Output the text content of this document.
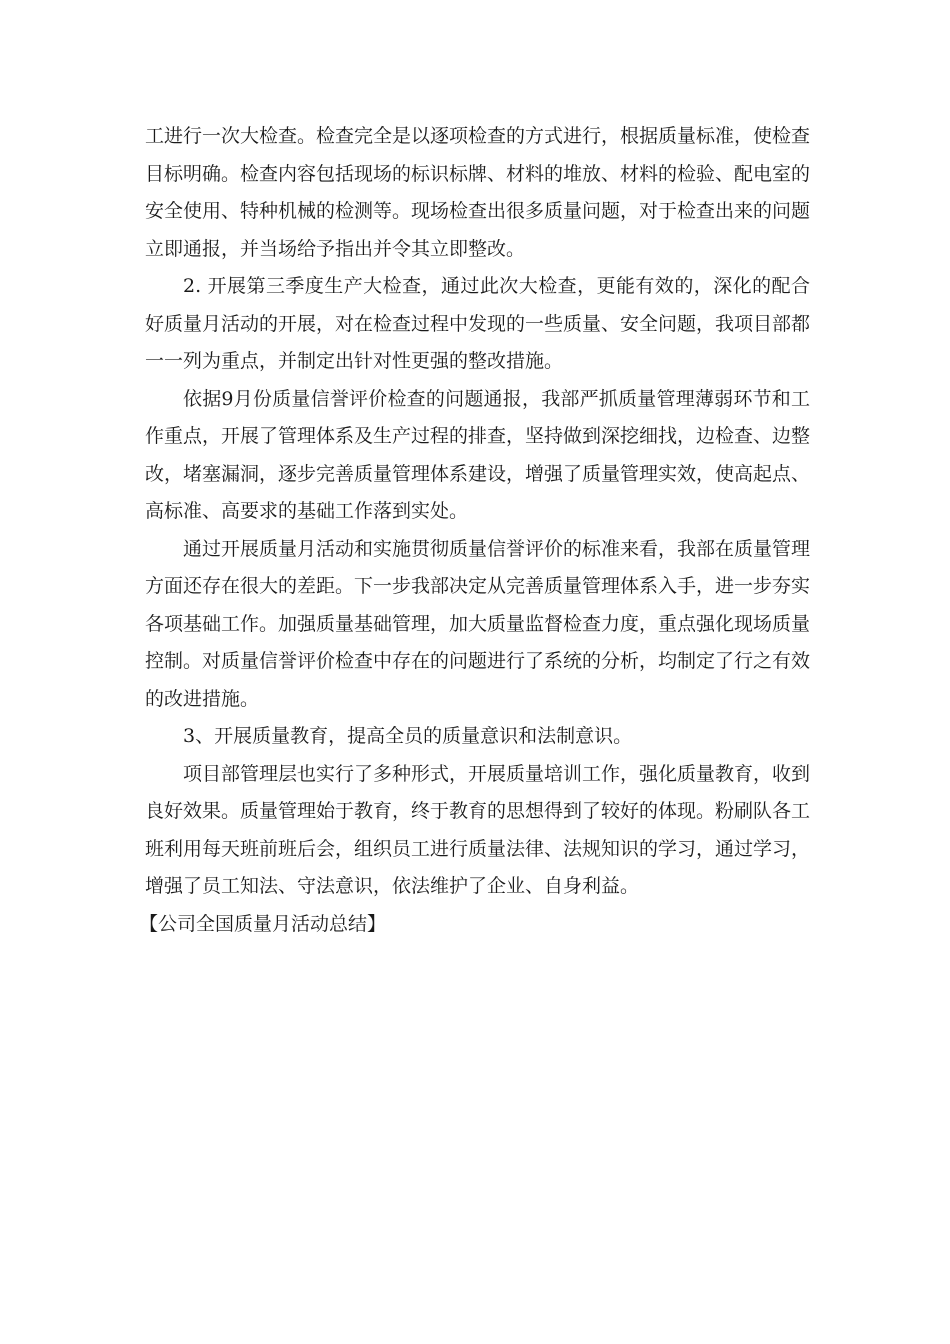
工进行一次大检查。检查完全是以逐项检查的方式进行，根据质量标准，使检查目标明确。检查内容包括现场的标识标牌、材料的堆放、材料的检验、配电室的安全使用、特种机械的检测等。现场检查出很多质量问题，对于检查出来的问题立即通报，并当场给予指出并令其立即整改。

2. 开展第三季度生产大检查，通过此次大检查，更能有效的，深化的配合好质量月活动的开展，对在检查过程中发现的一些质量、安全问题，我项目部都一一列为重点，并制定出针对性更强的整改措施。

依据9月份质量信誉评价检查的问题通报，我部严抓质量管理薄弱环节和工作重点，开展了管理体系及生产过程的排查，坚持做到深挖细找，边检查、边整改，堵塞漏洞，逐步完善质量管理体系建设，增强了质量管理实效，使高起点、高标准、高要求的基础工作落到实处。

通过开展质量月活动和实施贯彻质量信誉评价的标准来看，我部在质量管理方面还存在很大的差距。下一步我部决定从完善质量管理体系入手，进一步夯实各项基础工作。加强质量基础管理，加大质量监督检查力度，重点强化现场质量控制。对质量信誉评价检查中存在的问题进行了系统的分析，均制定了行之有效的改进措施。

3、开展质量教育，提高全员的质量意识和法制意识。

项目部管理层也实行了多种形式，开展质量培训工作，强化质量教育，收到良好效果。质量管理始于教育，终于教育的思想得到了较好的体现。粉刷队各工班利用每天班前班后会，组织员工进行质量法律、法规知识的学习，通过学习，增强了员工知法、守法意识，依法维护了企业、自身利益。

【公司全国质量月活动总结】
